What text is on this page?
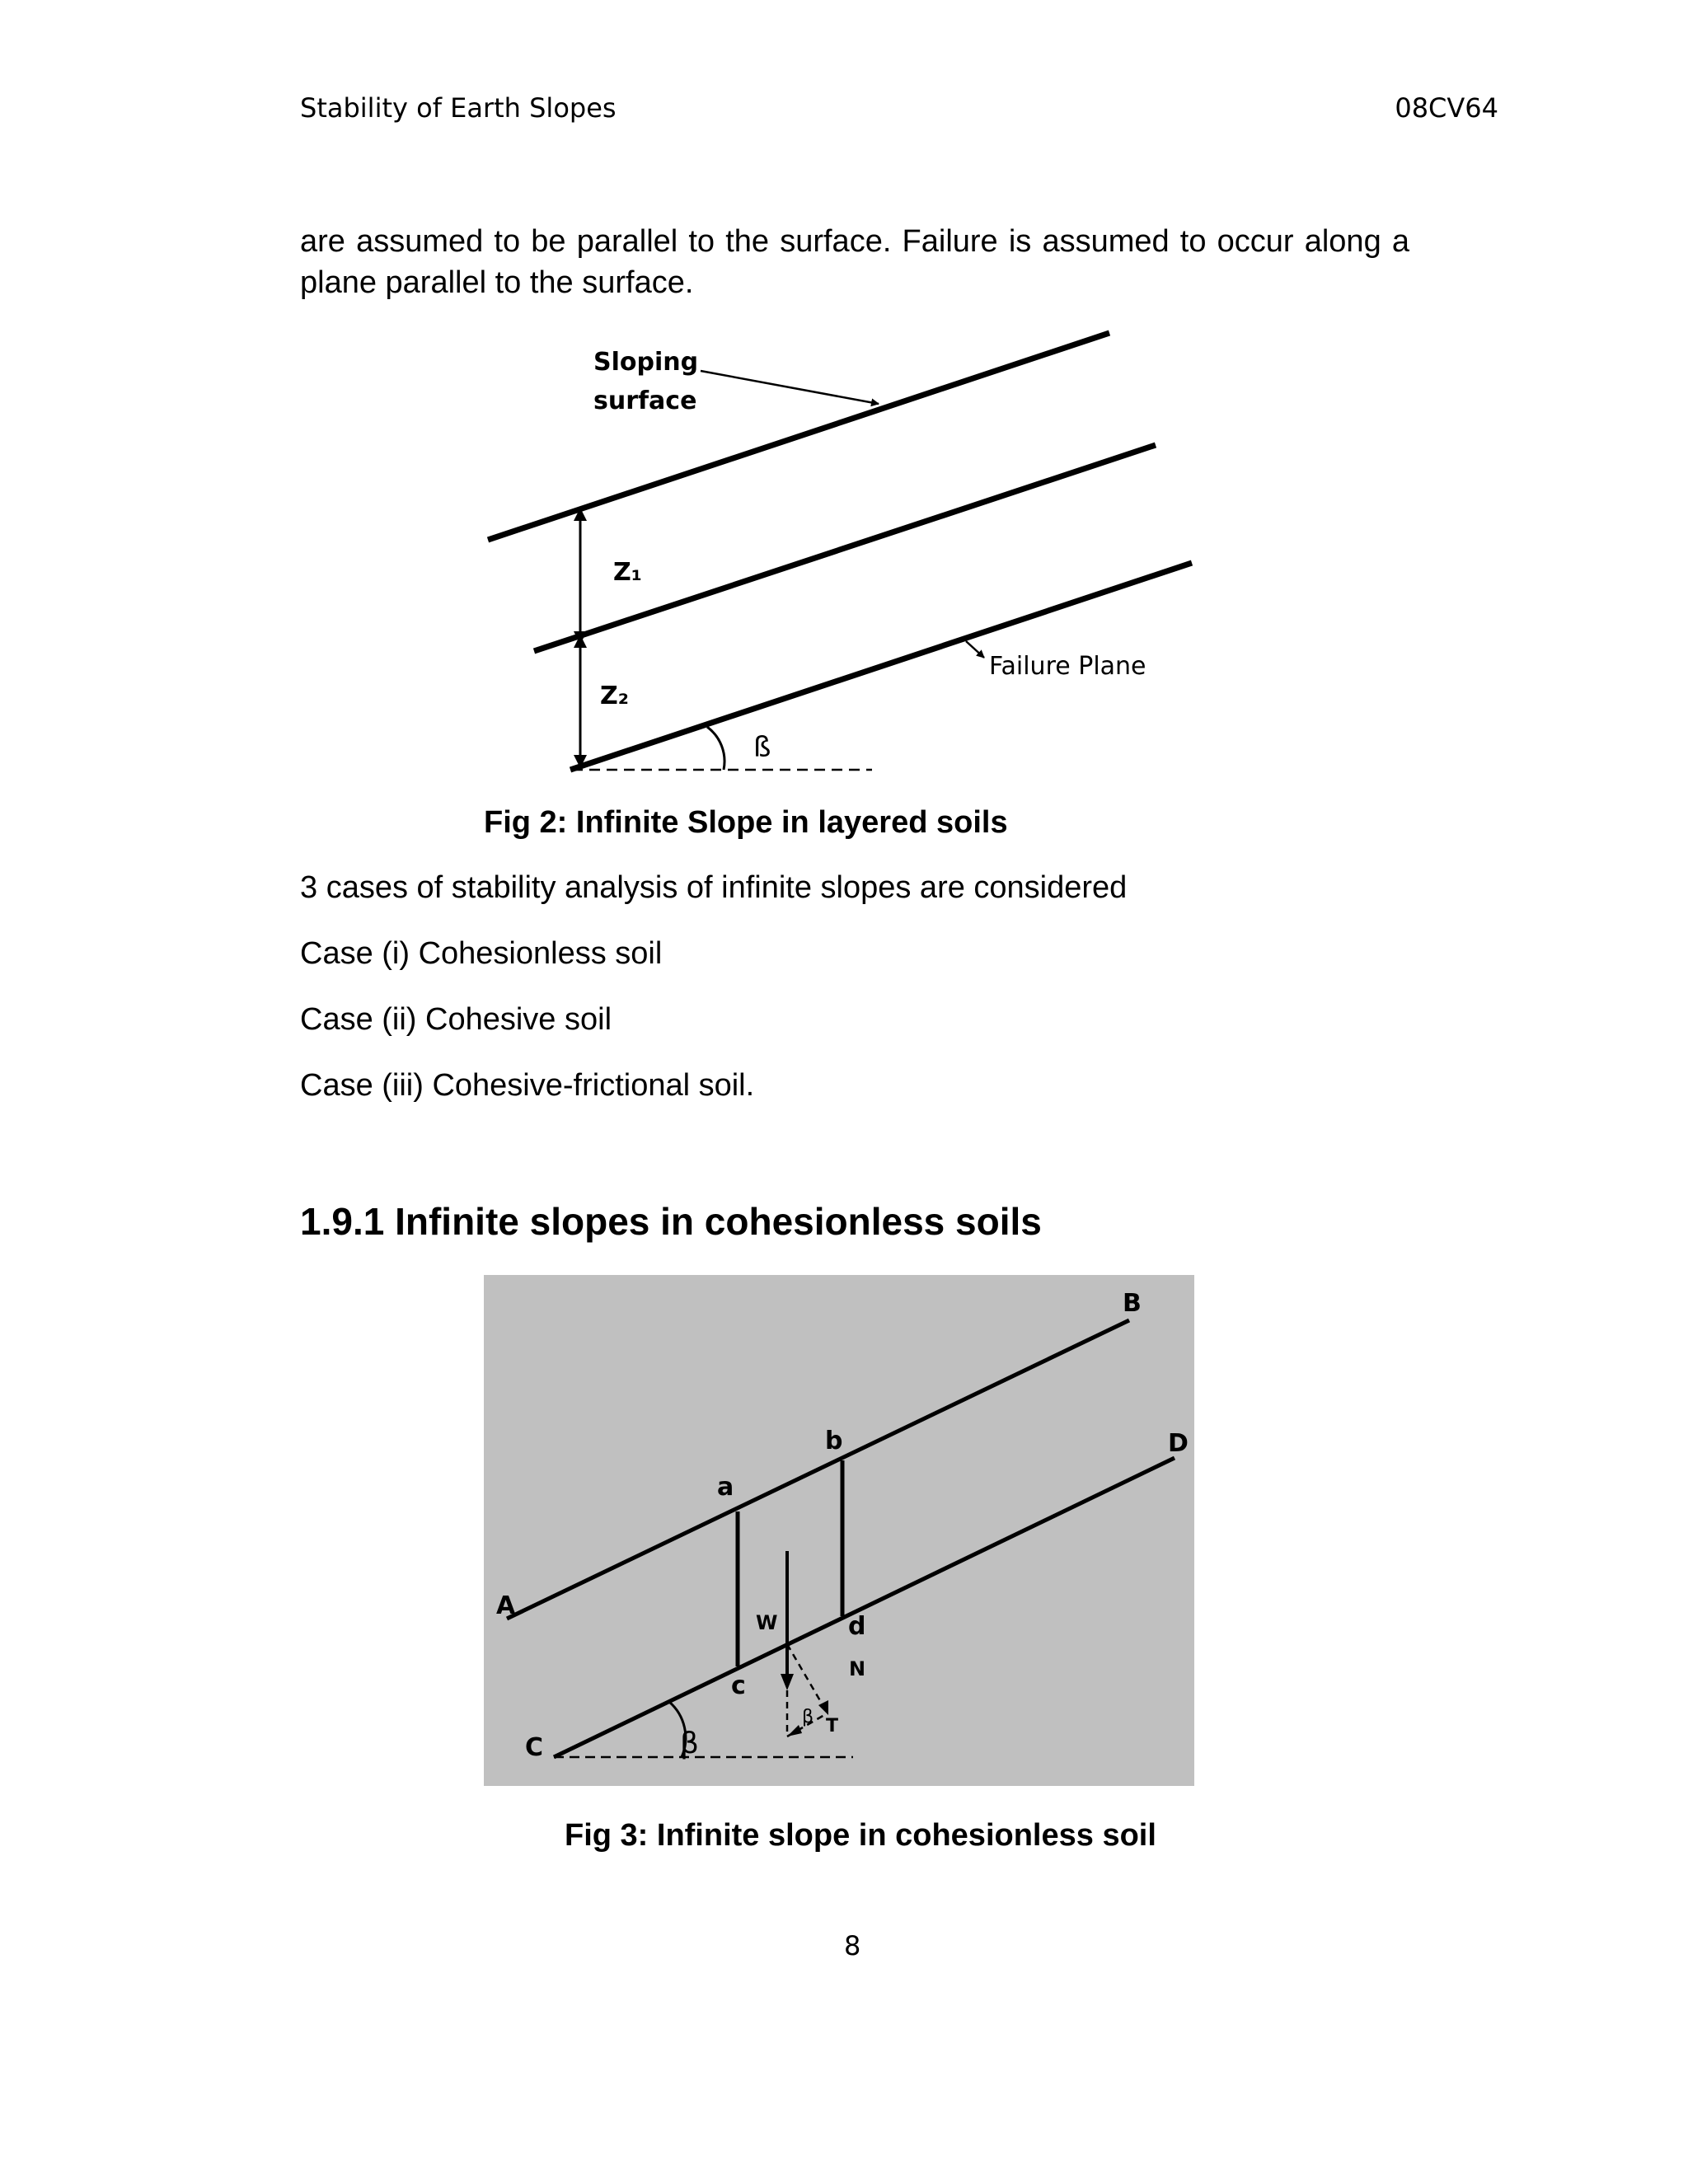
Stability of Earth Slopes	08CV64
are assumed to be parallel to the surface. Failure is assumed to occur along a plane parallel to the surface.
Sloping
surface
Z₁
Z₂
Failure Plane
ß
Fig 2: Infinite Slope in layered soils
3 cases of stability analysis of infinite slopes are considered
Case (i) Cohesionless soil
Case (ii) Cohesive soil
Case (iii) Cohesive-frictional soil.
1.9.1 Infinite slopes in cohesionless soils
A
B
C
D
a
b
c
d
W
N
T
β
β
Fig 3: Infinite slope in cohesionless soil
8
